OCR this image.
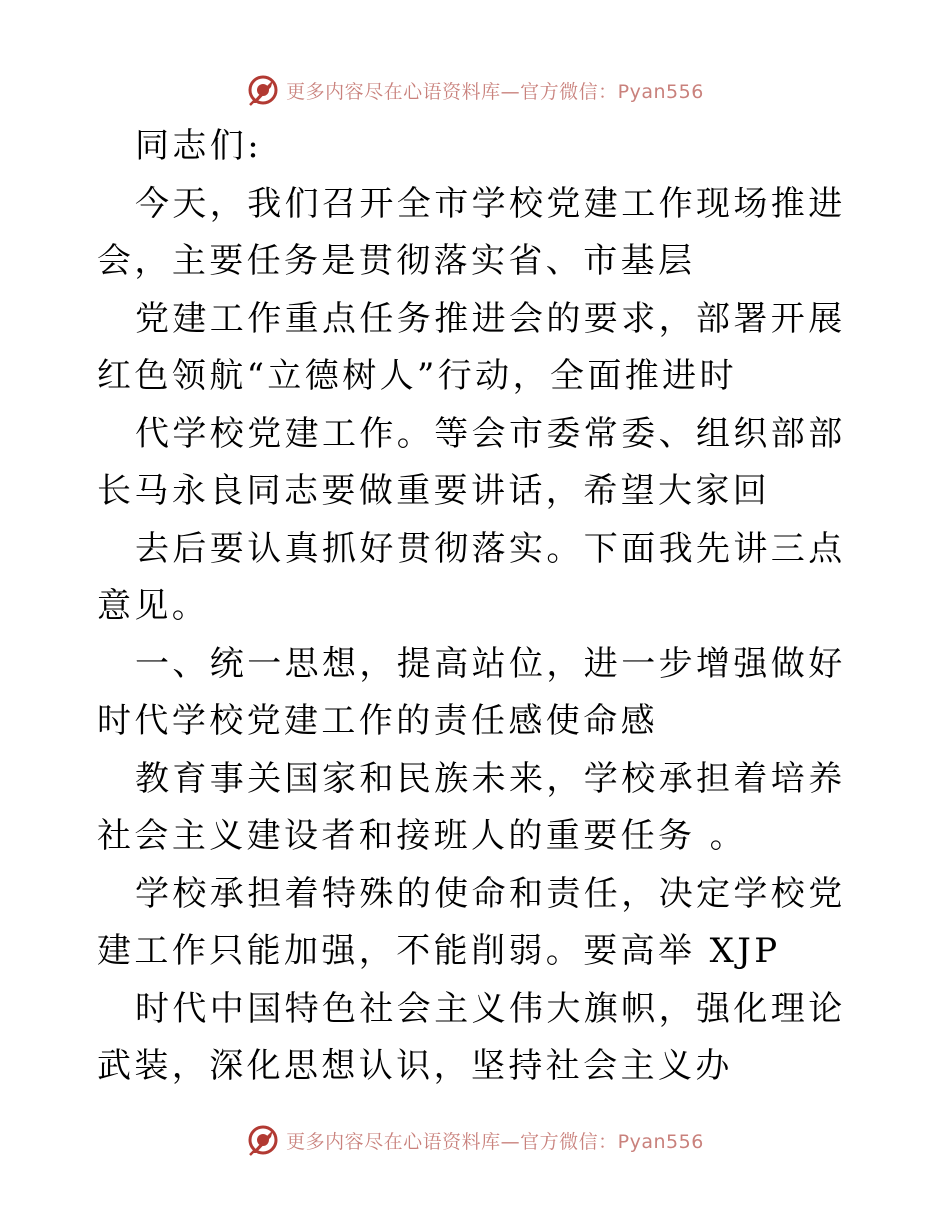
更多内容尽在心语资料库—官方微信：Pyan556

同志们:

今天，我们召开全市学校党建工作现场推进会，主要任务是贯彻落实省、市基层

党建工作重点任务推进会的要求，部署开展红色领航“立德树人”行动，全面推进时

代学校党建工作。等会市委常委、组织部部长马永良同志要做重要讲话，希望大家回

去后要认真抓好贯彻落实。下面我先讲三点意见。

一、统一思想，提高站位，进一步增强做好时代学校党建工作的责任感使命感

教育事关国家和民族未来，学校承担着培养社会主义建设者和接班人的重要任务 。

学校承担着特殊的使命和责任，决定学校党建工作只能加强，不能削弱。要高举 XJP

时代中国特色社会主义伟大旗帜，强化理论武装，深化思想认识，坚持社会主义办

更多内容尽在心语资料库—官方微信：Pyan556
